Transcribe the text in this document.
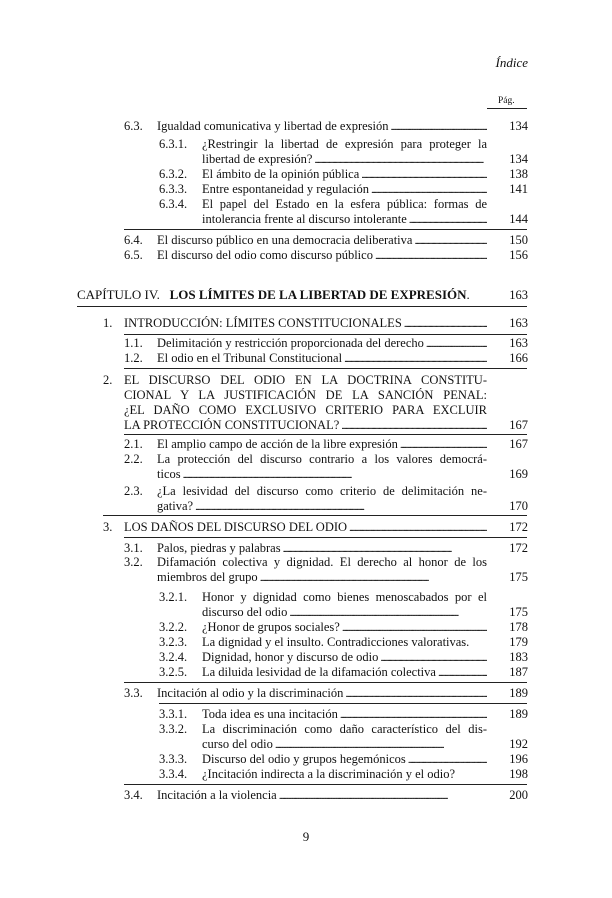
Índice
Pág.
6.3. Igualdad comunicativa y libertad de expresión . . .	134
6.3.1. ¿Restringir la libertad de expresión para proteger la
libertad de expresión? . . .	134
6.3.2. El ámbito de la opinión pública . . .	138
6.3.3. Entre espontaneidad y regulación . . .	141
6.3.4. El papel del Estado en la esfera pública: formas de
intolerancia frente al discurso intolerante . . .	144
6.4. El discurso público en una democracia deliberativa . . .	150
6.5. El discurso del odio como discurso público . . .	156
CAPÍTULO IV. LOS LÍMITES DE LA LIBERTAD DE EXPRESIÓN.	163
1. INTRODUCCIÓN: LÍMITES CONSTITUCIONALES . . .	163
1.1. Delimitación y restricción proporcionada del derecho . . .	163
1.2. El odio en el Tribunal Constitucional . . .	166
2. EL DISCURSO DEL ODIO EN LA DOCTRINA CONSTITU-
CIONAL Y LA JUSTIFICACIÓN DE LA SANCIÓN PENAL:
¿EL DAÑO COMO EXCLUSIVO CRITERIO PARA EXCLUIR
LA PROTECCIÓN CONSTITUCIONAL? . . .	167
2.1. El amplio campo de acción de la libre expresión . . .	167
2.2. La protección del discurso contrario a los valores democrá-
ticos . . .	169
2.3. ¿La lesividad del discurso como criterio de delimitación ne-
gativa? . . .	170
3. LOS DAÑOS DEL DISCURSO DEL ODIO . . .	172
3.1. Palos, piedras y palabras . . .	172
3.2. Difamación colectiva y dignidad. El derecho al honor de los
miembros del grupo . . .	175
3.2.1. Honor y dignidad como bienes menoscabados por el
discurso del odio . . .	175
3.2.2. ¿Honor de grupos sociales? . . .	178
3.2.3. La dignidad y el insulto. Contradicciones valorativas.	179
3.2.4. Dignidad, honor y discurso de odio . . .	183
3.2.5. La diluida lesividad de la difamación colectiva . . .	187
3.3. Incitación al odio y la discriminación . . .	189
3.3.1. Toda idea es una incitación . . .	189
3.3.2. La discriminación como daño característico del dis-
curso del odio . . .	192
3.3.3. Discurso del odio y grupos hegemónicos . . .	196
3.3.4. ¿Incitación indirecta a la discriminación y el odio?	198
3.4. Incitación a la violencia . . .	200
9
